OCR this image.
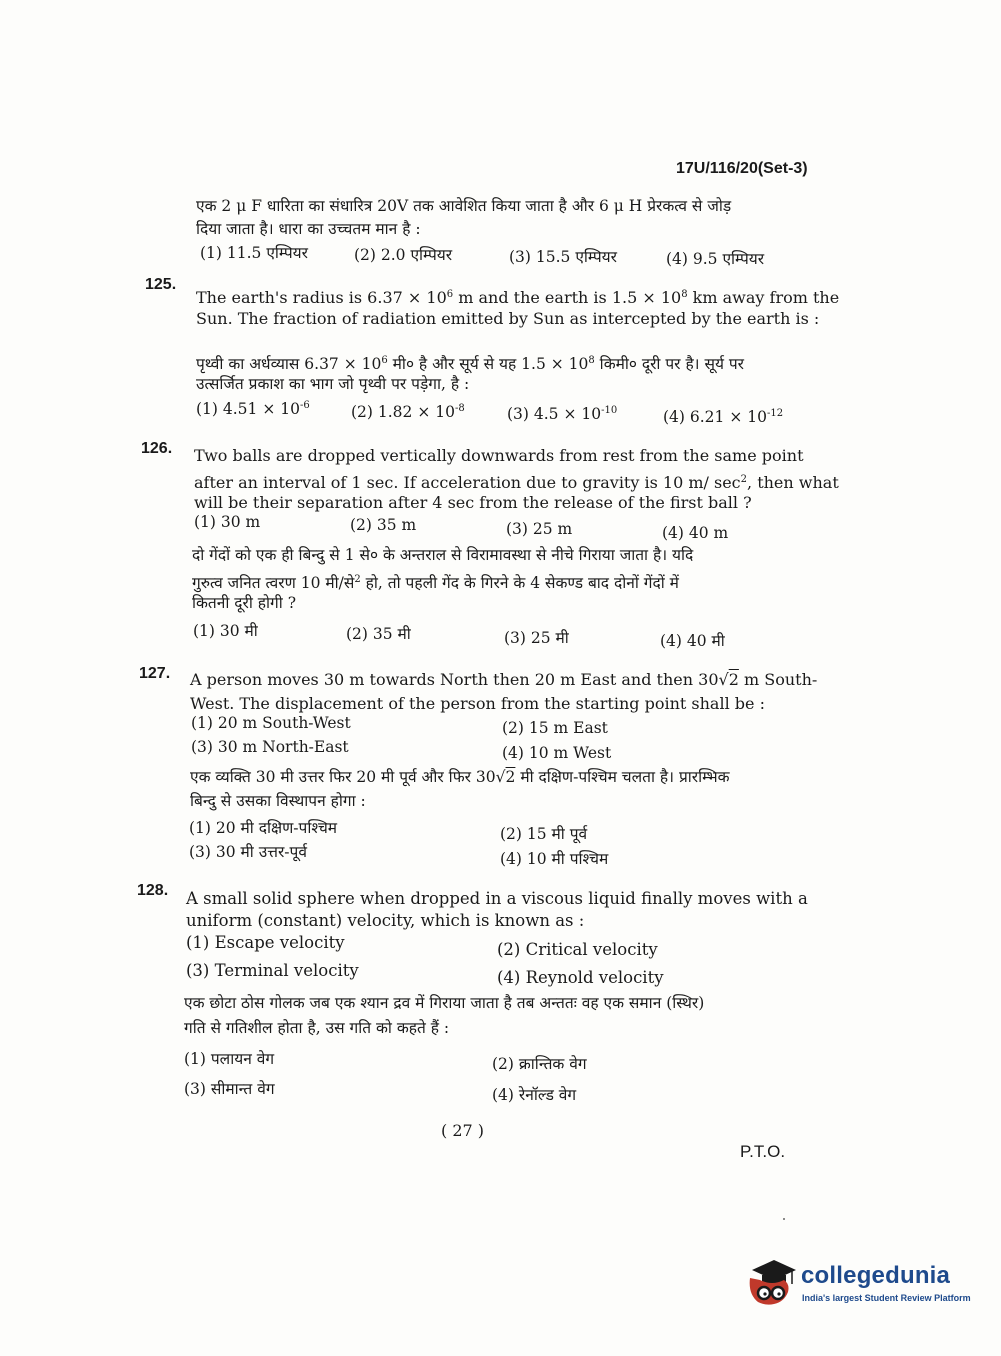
17U/116/20(Set-3)
एक 2 μ F धारिता का संधारित्र 20V तक आवेशित किया जाता है और 6 μ H प्रेरकत्व से जोड़
दिया जाता है। धारा का उच्चतम मान है :
(1) 11.5 एम्पियर	(2) 2.0 एम्पियर	(3) 15.5 एम्पियर	(4) 9.5 एम्पियर
125.
The earth's radius is $6.37 \times 10^6$ m and the earth is $1.5 \times 10^8$ km away from the
Sun. The fraction of radiation emitted by Sun as intercepted by the earth is :
पृथ्वी का अर्धव्यास $6.37 \times 10^6$ मी० है और सूर्य से यह $1.5 \times 10^8$ किमी० दूरी पर है। सूर्य पर
उत्सर्जित प्रकाश का भाग जो पृथ्वी पर पड़ेगा, है :
(1) $4.51 \times 10^{-6}$	(2) $1.82 \times 10^{-8}$	(3) $4.5 \times 10^{-10}$	(4) $6.21 \times 10^{-12}$
126. Two balls are dropped vertically downwards from rest from the same point
after an interval of 1 sec. If acceleration due to gravity is 10 m/ $\sec^2$, then what
will be their separation after 4 sec from the release of the first ball ?
(1) 30 m	(2) 35 m	(3) 25 m	(4) 40 m
दो गेंदों को एक ही बिन्दु से 1 से० के अन्तराल से विरामावस्था से नीचे गिराया जाता है। यदि
गुरुत्व जनित त्वरण 10 मी/से$^2$ हो, तो पहली गेंद के गिरने के 4 सेकण्ड बाद दोनों गेंदों में
कितनी दूरी होगी ?
(1) 30 मी	(2) 35 मी	(3) 25 मी	(4) 40 मी
127. A person moves 30 m towards North then 20 m East and then 30√2 m South-
West. The displacement of the person from the starting point shall be :
(1) 20 m South-West	(2) 15 m East
(3) 30 m North-East	(4) 10 m West
एक व्यक्ति 30 मी उत्तर फिर 20 मी पूर्व और फिर 30√2 मी दक्षिण-पश्चिम चलता है। प्रारम्भिक
बिन्दु से उसका विस्थापन होगा :
(1) 20 मी दक्षिण-पश्चिम	(2) 15 मी पूर्व
(3) 30 मी उत्तर-पूर्व	(4) 10 मी पश्चिम
128. A small solid sphere when dropped in a viscous liquid finally moves with a
uniform (constant) velocity, which is known as :
(1) Escape velocity	(2) Critical velocity
(3) Terminal velocity	(4) Reynold velocity
एक छोटा ठोस गोलक जब एक श्यान द्रव में गिराया जाता है तब अन्ततः वह एक समान (स्थिर)
गति से गतिशील होता है, उस गति को कहते हैं :
(1) पलायन वेग	(2) क्रान्तिक वेग
(3) सीमान्त वेग	(4) रेनॉल्ड वेग
( 27 )
P.T.O.
collegedunia
India's largest Student Review Platform
